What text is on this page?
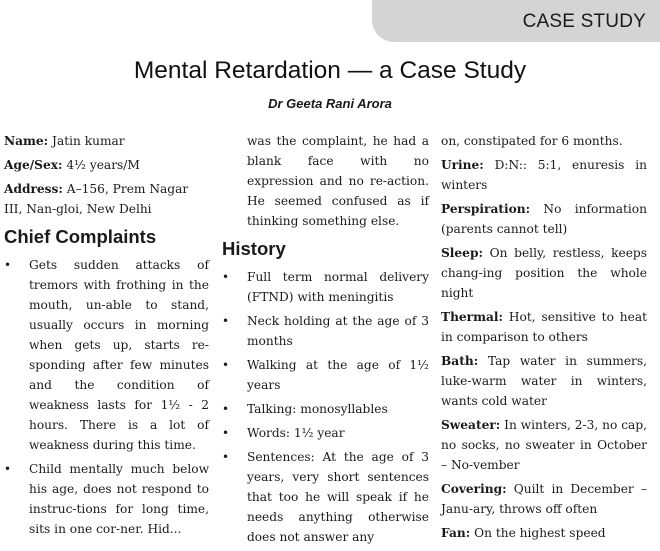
CASE STUDY
Mental Retardation — a Case Study
Dr Geeta Rani Arora

Name: Jatin kumar

Age/Sex: 4½ years/M

Address: A–156, Prem Nagar III, Nan-gloi, New Delhi

Chief Complaints
• Gets sudden attacks of tremors with frothing in the mouth, un-able to stand, usually occurs in morning when gets up, starts re-sponding after few minutes and the condition of weakness lasts for 1½ - 2 hours. There is a lot of weakness during this time.
• Child mentally much below his age, does not respond to instruc-tions for long time, sits in one cor-ner. Hid...

was the complaint, he had a blank face with no expression and no re-action. He seemed confused as if thinking something else.

History
• Full term normal delivery (FTND) with meningitis
• Neck holding at the age of 3 months
• Walking at the age of 1½ years
• Talking: monosyllables
• Words: 1½ year
• Sentences: At the age of 3 years, very short sentences that too he will speak if he needs anything otherwise does not answer any

on, constipated for 6 months.

Urine: D:N:: 5:1, enuresis in winters

Perspiration: No information (parents cannot tell)

Sleep: On belly, restless, keeps chang-ing position the whole night

Thermal: Hot, sensitive to heat in comparison to others

Bath: Tap water in summers, luke-warm water in winters, wants cold water

Sweater: In winters, 2-3, no cap, no socks, no sweater in October – No-vember

Covering: Quilt in December – Janu-ary, throws off often

Fan: On the highest speed
